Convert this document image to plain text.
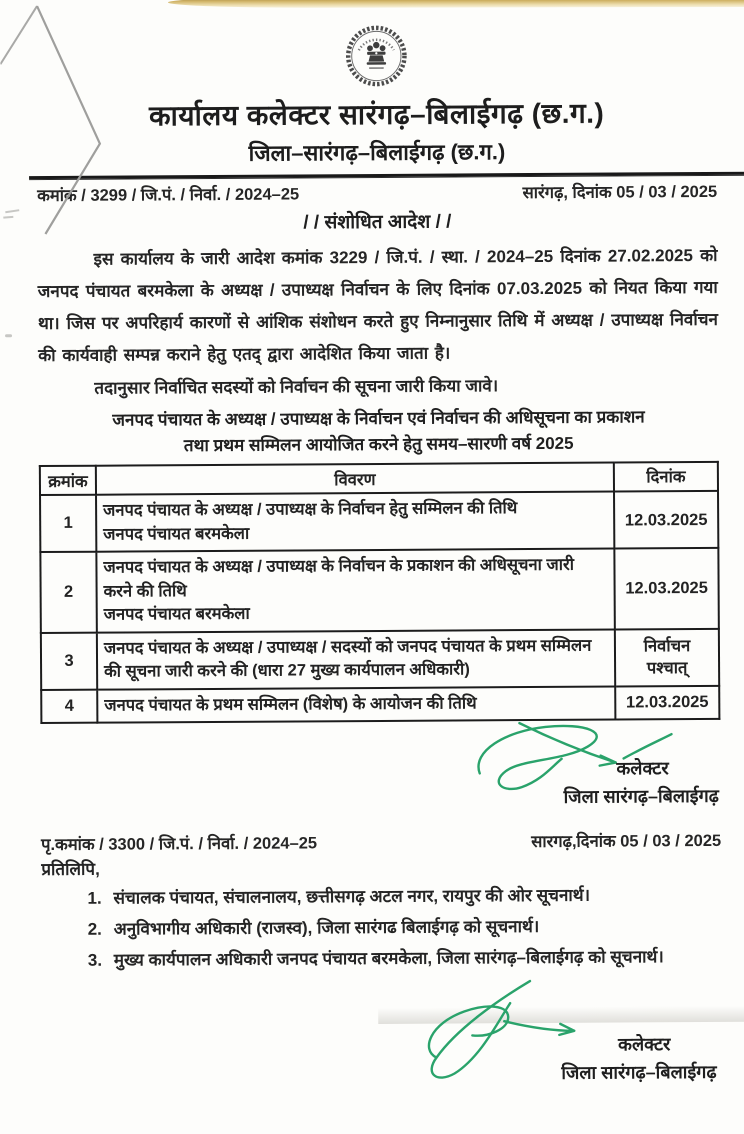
कार्यालय कलेक्टर सारंगढ़–बिलाईगढ़ (छ.ग.)
जिला–सारंगढ़–बिलाईगढ़ (छ.ग.)
कमांक / 3299 / जि.पं. / निर्वा. / 2024–25	सारंगढ़, दिनांक 05 / 03 / 2025
/ / संशोधित आदेश / /

इस कार्यालय के जारी आदेश कमांक 3229 / जि.पं. / स्था. / 2024–25 दिनांक 27.02.2025 को जनपद पंचायत बरमकेला के अध्यक्ष / उपाध्यक्ष निर्वाचन के लिए दिनांक 07.03.2025 को नियत किया गया था। जिस पर अपरिहार्य कारणों से आंशिक संशोधन करते हुए निम्नानुसार तिथि में अध्यक्ष / उपाध्यक्ष निर्वाचन की कार्यवाही सम्पन्न कराने हेतु एतद् द्वारा आदेशित किया जाता है।

तदानुसार निर्वाचित सदस्यों को निर्वाचन की सूचना जारी किया जावे।

जनपद पंचायत के अध्यक्ष / उपाध्यक्ष के निर्वाचन एवं निर्वाचन की अधिसूचना का प्रकाशन
तथा प्रथम सम्मिलन आयोजित करने हेतु समय–सारणी वर्ष 2025
क्रमांक	विवरण	दिनांक
1	जनपद पंचायत के अध्यक्ष / उपाध्यक्ष के निर्वाचन हेतु सम्मिलन की तिथि
जनपद पंचायत बरमकेला	12.03.2025
2	जनपद पंचायत के अध्यक्ष / उपाध्यक्ष के निर्वाचन के प्रकाशन की अधिसूचना जारी
करने की तिथि
जनपद पंचायत बरमकेला	12.03.2025
3	जनपद पंचायत के अध्यक्ष / उपाध्यक्ष / सदस्यों को जनपद पंचायत के प्रथम सम्मिलन
की सूचना जारी करने की (धारा 27 मुख्य कार्यपालन अधिकारी)	निर्वाचन पश्चात्
4	जनपद पंचायत के प्रथम सम्मिलन (विशेष) के आयोजन की तिथि	12.03.2025
कलेक्टर
जिला सारंगढ़–बिलाईगढ़
पृ.कमांक / 3300 / जि.पं. / निर्वा. / 2024–25	सारगढ़,दिनांक 05 / 03 / 2025
प्रतिलिपि,
1. संचालक पंचायत, संचालनालय, छत्तीसगढ़ अटल नगर, रायपुर की ओर सूचनार्थ।
2. अनुविभागीय अधिकारी (राजस्व), जिला सारंगढ बिलाईगढ़ को सूचनार्थ।
3. मुख्य कार्यपालन अधिकारी जनपद पंचायत बरमकेला, जिला सारंगढ़–बिलाईगढ़ को सूचनार्थ।
कलेक्टर
जिला सारंगढ़–बिलाईगढ़
